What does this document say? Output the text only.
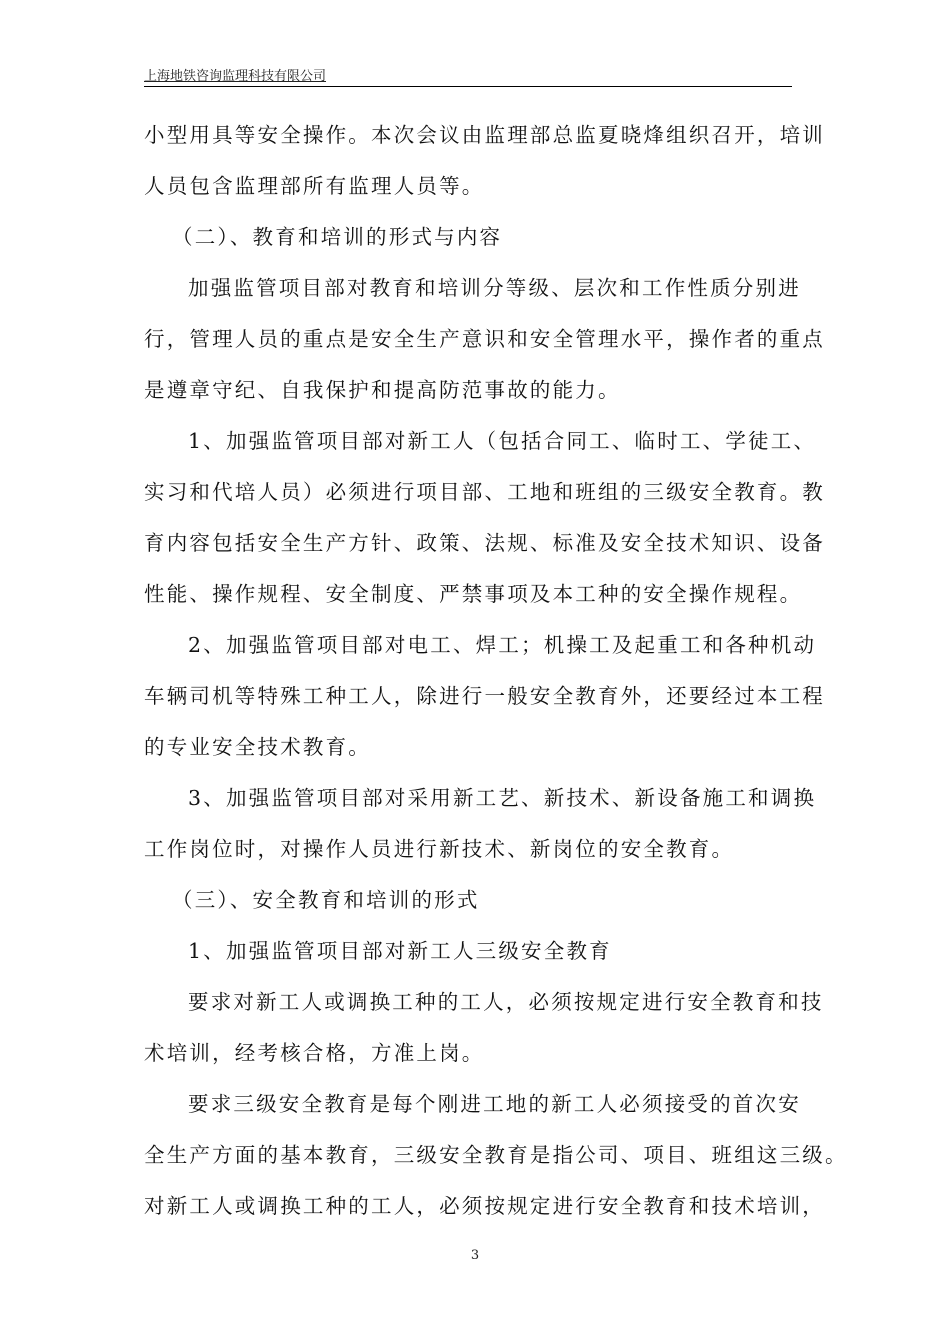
上海地铁咨询监理科技有限公司
小型用具等安全操作。本次会议由监理部总监夏晓烽组织召开，培训
人员包含监理部所有监理人员等。
（二）、教育和培训的形式与内容
加强监管项目部对教育和培训分等级、层次和工作性质分别进
行，管理人员的重点是安全生产意识和安全管理水平，操作者的重点
是遵章守纪、自我保护和提高防范事故的能力。
1、加强监管项目部对新工人（包括合同工、临时工、学徒工、
实习和代培人员）必须进行项目部、工地和班组的三级安全教育。教
育内容包括安全生产方针、政策、法规、标准及安全技术知识、设备
性能、操作规程、安全制度、严禁事项及本工种的安全操作规程。
2、加强监管项目部对电工、焊工；机操工及起重工和各种机动
车辆司机等特殊工种工人，除进行一般安全教育外，还要经过本工程
的专业安全技术教育。
3、加强监管项目部对采用新工艺、新技术、新设备施工和调换
工作岗位时，对操作人员进行新技术、新岗位的安全教育。
（三）、安全教育和培训的形式
1、加强监管项目部对新工人三级安全教育
要求对新工人或调换工种的工人，必须按规定进行安全教育和技
术培训，经考核合格，方准上岗。
要求三级安全教育是每个刚进工地的新工人必须接受的首次安
全生产方面的基本教育，三级安全教育是指公司、项目、班组这三级。
对新工人或调换工种的工人，必须按规定进行安全教育和技术培训，
3
